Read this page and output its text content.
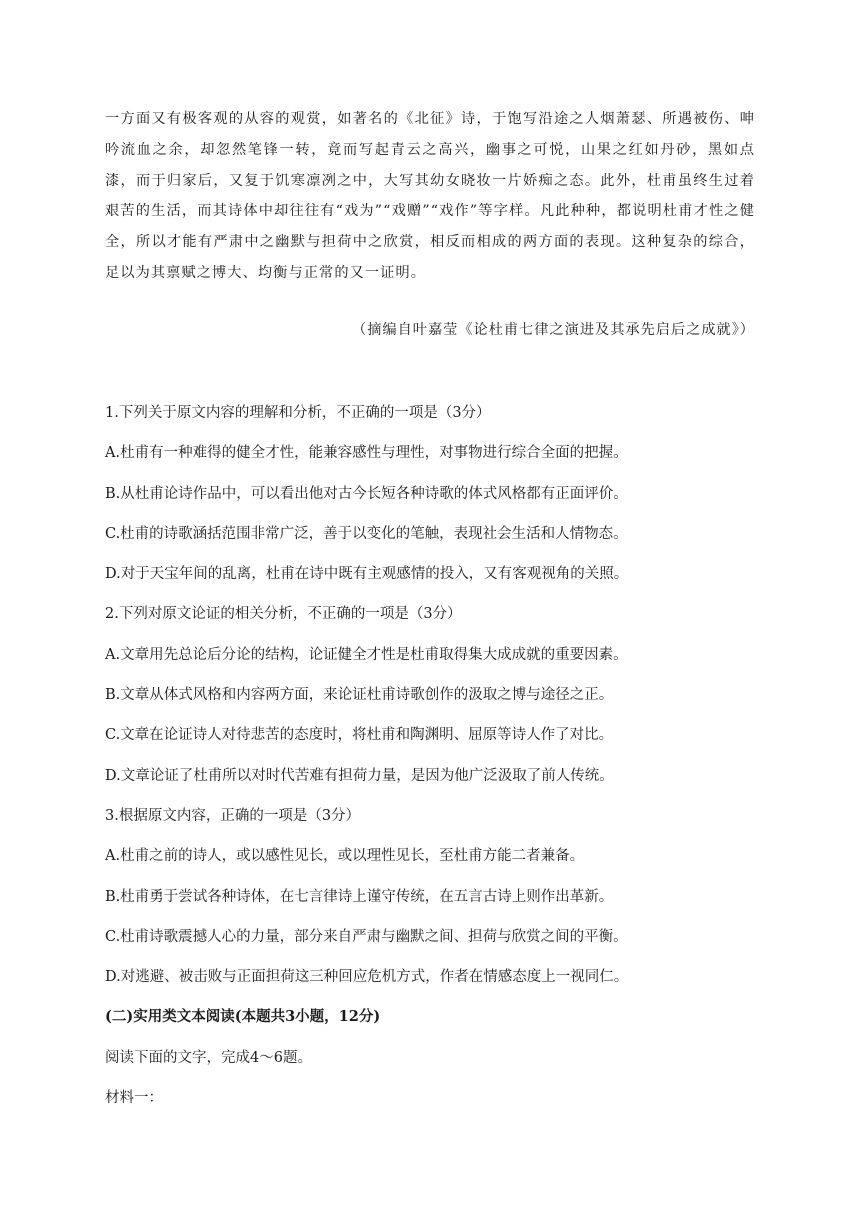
一方面又有极客观的从容的观赏，如著名的《北征》诗，于饱写沿途之人烟萧瑟、所遇被伤、呻吟流血之余，却忽然笔锋一转，竟而写起青云之高兴，幽事之可悦，山果之红如丹砂，黑如点漆，而于归家后，又复于饥寒凛冽之中，大写其幼女晓妆一片娇痴之态。此外，杜甫虽终生过着艰苦的生活，而其诗体中却往往有“戏为”“戏赠”“戏作”等字样。凡此种种，都说明杜甫才性之健全，所以才能有严肃中之幽默与担荷中之欣赏，相反而相成的两方面的表现。这种复杂的综合，足以为其禀赋之博大、均衡与正常的又一证明。

（摘编自叶嘉莹《论杜甫七律之演进及其承先启后之成就》）
1.下列关于原文内容的理解和分析，不正确的一项是（3分）
A.杜甫有一种难得的健全才性，能兼容感性与理性，对事物进行综合全面的把握。
B.从杜甫论诗作品中，可以看出他对古今长短各种诗歌的体式风格都有正面评价。
C.杜甫的诗歌涵括范围非常广泛，善于以变化的笔触，表现社会生活和人情物态。
D.对于天宝年间的乱离，杜甫在诗中既有主观感情的投入，又有客观视角的关照。
2.下列对原文论证的相关分析，不正确的一项是（3分）
A.文章用先总论后分论的结构，论证健全才性是杜甫取得集大成成就的重要因素。
B.文章从体式风格和内容两方面，来论证杜甫诗歌创作的汲取之博与途径之正。
C.文章在论证诗人对待悲苦的态度时，将杜甫和陶渊明、屈原等诗人作了对比。
D.文章论证了杜甫所以对时代苦难有担荷力量，是因为他广泛汲取了前人传统。
3.根据原文内容，正确的一项是（3分）
A.杜甫之前的诗人，或以感性见长，或以理性见长，至杜甫方能二者兼备。
B.杜甫勇于尝试各种诗体，在七言律诗上谨守传统，在五言古诗上则作出革新。
C.杜甫诗歌震撼人心的力量，部分来自严肃与幽默之间、担荷与欣赏之间的平衡。
D.对逃避、被击败与正面担荷这三种回应危机方式，作者在情感态度上一视同仁。
(二)实用类文本阅读(本题共3小题，12分)
阅读下面的文字，完成4～6题。
材料一：
